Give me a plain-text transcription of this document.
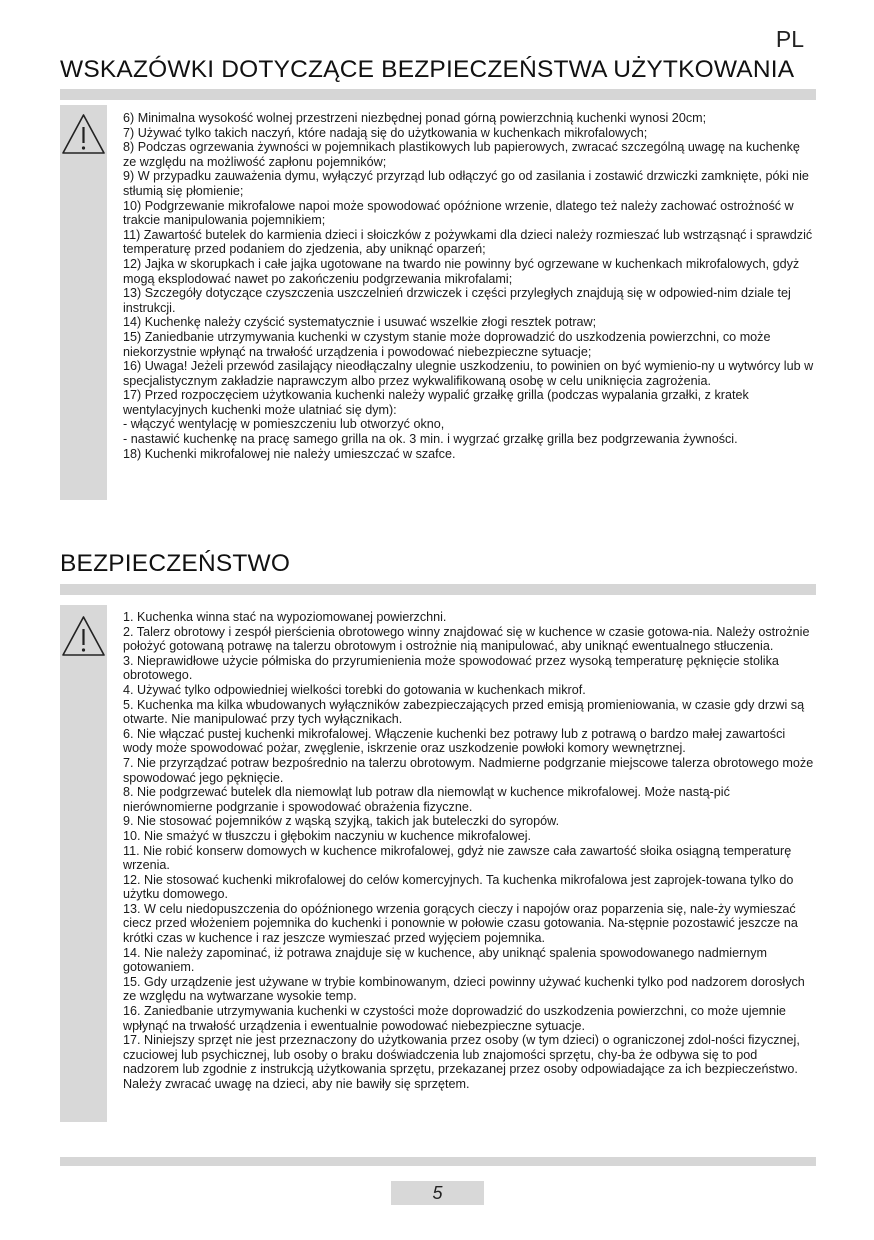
PL
WSKAZÓWKI DOTYCZĄCE BEZPIECZEŃSTWA UŻYTKOWANIA
6) Minimalna wysokość wolnej przestrzeni niezbędnej ponad górną powierzchnią kuchenki wynosi 20cm;
7) Używać tylko takich naczyń, które nadają się do użytkowania w kuchenkach mikrofalowych;
8) Podczas ogrzewania żywności w pojemnikach plastikowych lub papierowych, zwracać szczególną uwagę na kuchenkę ze względu na możliwość zapłonu pojemników;
9) W przypadku zauważenia dymu, wyłączyć przyrząd lub odłączyć go od zasilania i zostawić drzwiczki zamknięte, póki nie stłumią się płomienie;
10) Podgrzewanie mikrofalowe napoi może spowodować opóźnione wrzenie, dlatego też należy zachować ostrożność w trakcie manipulowania pojemnikiem;
11) Zawartość butelek do karmienia dzieci i słoiczków z pożywkami dla dzieci należy rozmieszać lub wstrząsnąć i sprawdzić temperaturę przed podaniem do zjedzenia, aby uniknąć oparzeń;
12) Jajka w skorupkach i całe jajka ugotowane na twardo nie powinny być ogrzewane w kuchenkach mikrofalowych, gdyż mogą eksplodować nawet po zakończeniu podgrzewania mikrofalami;
13) Szczegóły dotyczące czyszczenia uszczelnień drzwiczek i części przyległych znajdują się w odpowied-nim dziale tej instrukcji.
14) Kuchenkę należy czyścić systematycznie i usuwać wszelkie złogi resztek potraw;
15) Zaniedbanie utrzymywania kuchenki w czystym stanie może doprowadzić do uszkodzenia powierzchni, co może niekorzystnie wpłynąć na trwałość urządzenia i powodować niebezpieczne sytuacje;
16) Uwaga! Jeżeli przewód zasilający nieodłączalny ulegnie uszkodzeniu, to powinien on być wymienio-ny u wytwórcy lub w specjalistycznym zakładzie naprawczym albo przez wykwalifikowaną osobę w celu uniknięcia zagrożenia.
17) Przed rozpoczęciem użytkowania kuchenki należy wypalić grzałkę grilla (podczas wypalania grzałki, z kratek wentylacyjnych kuchenki może ulatniać się dym):
- włączyć wentylację w pomieszczeniu lub otworzyć okno,
- nastawić kuchenkę na pracę samego grilla na ok. 3 min. i wygrzać grzałkę grilla bez podgrzewania żywności.
18) Kuchenki mikrofalowej nie należy umieszczać w szafce.
BEZPIECZEŃSTWO
1. Kuchenka winna stać na wypoziomowanej powierzchni.
2. Talerz obrotowy i zespół pierścienia obrotowego winny znajdować się w kuchence w czasie gotowa-nia. Należy ostrożnie położyć gotowaną potrawę na talerzu obrotowym i ostrożnie nią manipulować, aby uniknąć ewentualnego stłuczenia.
3. Nieprawidłowe użycie półmiska do przyrumienienia może spowodować przez wysoką temperaturę pęknięcie stolika obrotowego.
4. Używać tylko odpowiedniej wielkości torebki do gotowania w kuchenkach mikrof.
5. Kuchenka ma kilka wbudowanych wyłączników zabezpieczających przed emisją promieniowania, w czasie gdy drzwi są otwarte. Nie manipulować przy tych wyłącznikach.
6. Nie włączać pustej kuchenki mikrofalowej. Włączenie kuchenki bez potrawy lub z potrawą o bardzo małej zawartości wody może spowodować pożar, zwęglenie, iskrzenie oraz uszkodzenie powłoki komory wewnętrznej.
7. Nie przyrządzać potraw bezpośrednio na talerzu obrotowym. Nadmierne podgrzanie miejscowe talerza obrotowego może spowodować jego pęknięcie.
8. Nie podgrzewać butelek dla niemowląt lub potraw dla niemowląt w kuchence mikrofalowej. Może nastą-pić nierównomierne podgrzanie i spowodować obrażenia fizyczne.
9. Nie stosować pojemników z wąską szyjką, takich jak buteleczki do syropów.
10. Nie smażyć w tłuszczu i głębokim naczyniu w kuchence mikrofalowej.
11. Nie robić konserw domowych w kuchence mikrofalowej, gdyż nie zawsze cała zawartość słoika osiągną temperaturę wrzenia.
12. Nie stosować kuchenki mikrofalowej do celów komercyjnych. Ta kuchenka mikrofalowa jest zaprojek-towana tylko do użytku domowego.
13. W celu niedopuszczenia do opóźnionego wrzenia gorących cieczy i napojów oraz poparzenia się, nale-ży wymieszać ciecz przed włożeniem pojemnika do kuchenki i ponownie w połowie czasu gotowania. Na-stępnie pozostawić jeszcze na krótki czas w kuchence i raz jeszcze wymieszać przed wyjęciem pojemnika.
14. Nie należy zapominać, iż potrawa znajduje się w kuchence, aby uniknąć spalenia spowodowanego nadmiernym gotowaniem.
15. Gdy urządzenie jest używane w trybie kombinowanym, dzieci powinny używać kuchenki tylko pod nadzorem dorosłych ze względu na wytwarzane wysokie temp.
16. Zaniedbanie utrzymywania kuchenki w czystości może doprowadzić do uszkodzenia powierzchni, co może ujemnie wpłynąć na trwałość urządzenia i ewentualnie powodować niebezpieczne sytuacje.
17. Niniejszy sprzęt nie jest przeznaczony do użytkowania przez osoby (w tym dzieci) o ograniczonej zdol-ności fizycznej, czuciowej lub psychicznej, lub osoby o braku doświadczenia lub znajomości sprzętu, chy-ba że odbywa się to pod nadzorem lub zgodnie z instrukcją użytkowania sprzętu, przekazanej przez osoby odpowiadające za ich bezpieczeństwo. Należy zwracać uwagę na dzieci, aby nie bawiły się sprzętem.
5
